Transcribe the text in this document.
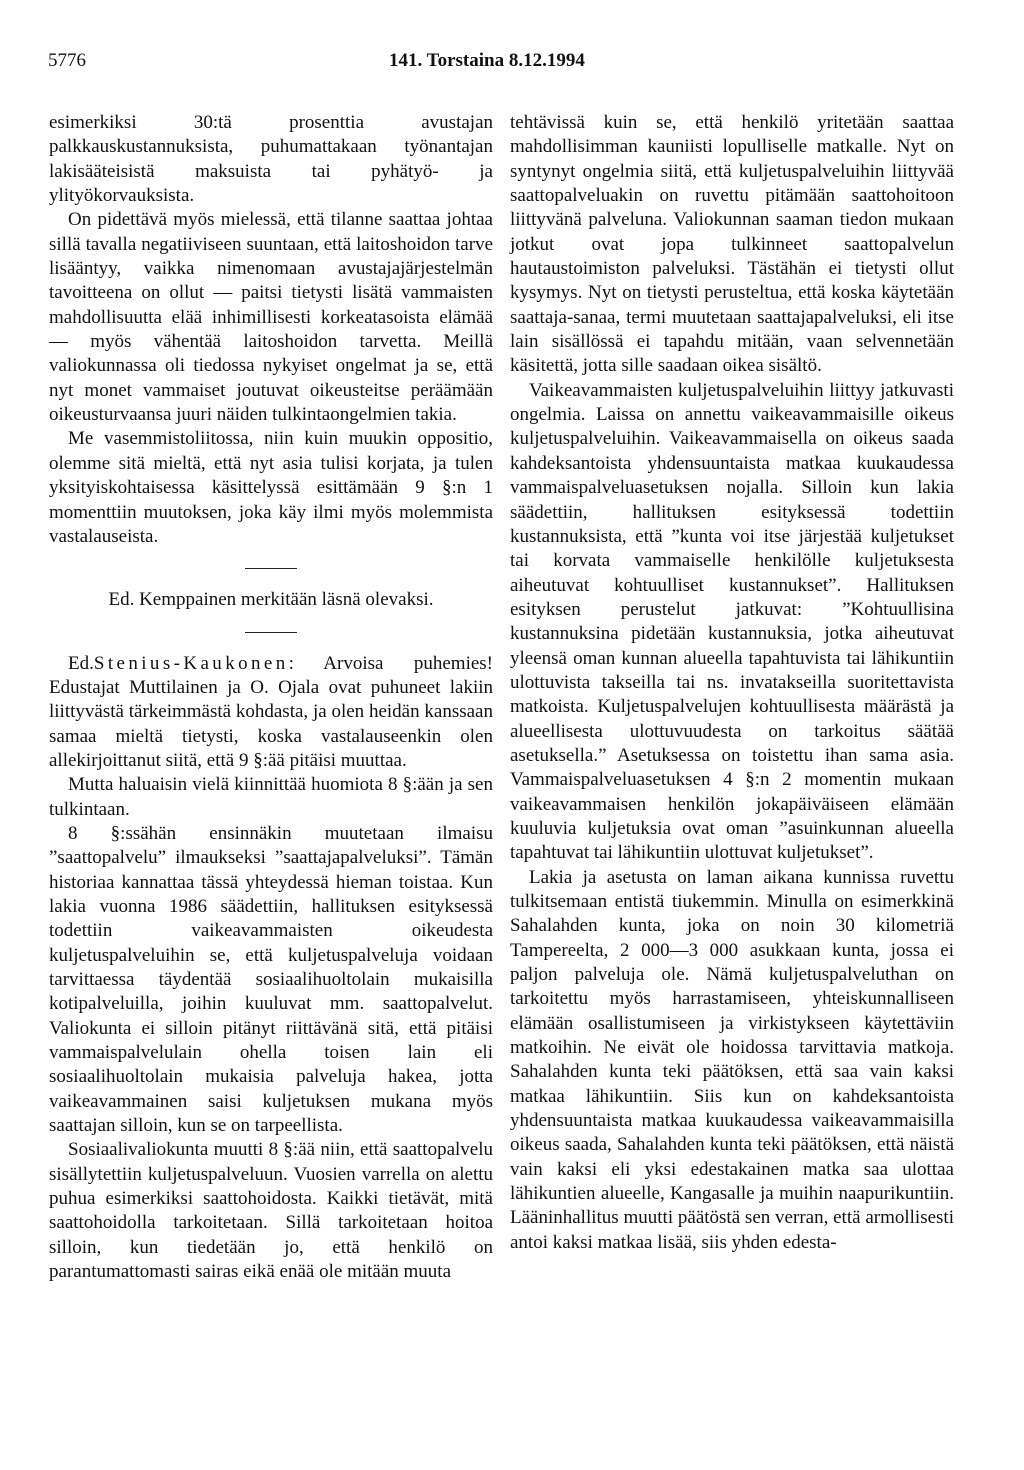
5776	141. Torstaina 8.12.1994

esimerkiksi 30:tä prosenttia avustajan palkkauskustannuksista, puhumattakaan työnantajan lakisääteisistä maksuista tai pyhätyö- ja ylityökorvauksista.

On pidettävä myös mielessä, että tilanne saattaa johtaa sillä tavalla negatiiviseen suuntaan, että laitoshoidon tarve lisääntyy, vaikka nimenomaan avustajajärjestelmän tavoitteena on ollut — paitsi tietysti lisätä vammaisten mahdollisuutta elää inhimillisesti korkeatasoista elämää — myös vähentää laitoshoidon tarvetta. Meillä valiokunnassa oli tiedossa nykyiset ongelmat ja se, että nyt monet vammaiset joutuvat oikeusteitse peräämään oikeusturvaansa juuri näiden tulkintaongelmien takia.

Me vasemmistoliitossa, niin kuin muukin oppositio, olemme sitä mieltä, että nyt asia tulisi korjata, ja tulen yksityiskohtaisessa käsittelyssä esittämään 9 §:n 1 momenttiin muutoksen, joka käy ilmi myös molemmista vastalauseista.

Ed. Kemppainen merkitään läsnä olevaksi.

Ed.Stenius-Kaukonen: Arvoisa puhemies! Edustajat Muttilainen ja O. Ojala ovat puhuneet lakiin liittyvästä tärkeimmästä kohdasta, ja olen heidän kanssaan samaa mieltä tietysti, koska vastalauseenkin olen allekirjoittanut siitä, että 9 §:ää pitäisi muuttaa.

Mutta haluaisin vielä kiinnittää huomiota 8 §:ään ja sen tulkintaan.

8 §:ssähän ensinnäkin muutetaan ilmaisu ”saattopalvelu” ilmaukseksi ”saattajapalveluksi”. Tämän historiaa kannattaa tässä yhteydessä hieman toistaa. Kun lakia vuonna 1986 säädettiin, hallituksen esityksessä todettiin vaikeavammaisten oikeudesta kuljetuspalveluihin se, että kuljetuspalveluja voidaan tarvittaessa täydentää sosiaalihuoltolain mukaisilla kotipalveluilla, joihin kuuluvat mm. saattopalvelut. Valiokunta ei silloin pitänyt riittävänä sitä, että pitäisi vammaispalvelulain ohella toisen lain eli sosiaalihuoltolain mukaisia palveluja hakea, jotta vaikeavammainen saisi kuljetuksen mukana myös saattajan silloin, kun se on tarpeellista.

Sosiaalivaliokunta muutti 8 §:ää niin, että saattopalvelu sisällytettiin kuljetuspalveluun. Vuosien varrella on alettu puhua esimerkiksi saattohoidosta. Kaikki tietävät, mitä saattohoidolla tarkoitetaan. Sillä tarkoitetaan hoitoa silloin, kun tiedetään jo, että henkilö on parantumattomasti sairas eikä enää ole mitään muuta

tehtävissä kuin se, että henkilö yritetään saattaa mahdollisimman kauniisti lopulliselle matkalle. Nyt on syntynyt ongelmia siitä, että kuljetuspalveluihin liittyvää saattopalveluakin on ruvettu pitämään saattohoitoon liittyvänä palveluna. Valiokunnan saaman tiedon mukaan jotkut ovat jopa tulkinneet saattopalvelun hautaustoimiston palveluksi. Tästähän ei tietysti ollut kysymys. Nyt on tietysti perusteltua, että koska käytetään saattaja-sanaa, termi muutetaan saattajapalveluksi, eli itse lain sisällössä ei tapahdu mitään, vaan selvennetään käsitettä, jotta sille saadaan oikea sisältö.

Vaikeavammaisten kuljetuspalveluihin liittyy jatkuvasti ongelmia. Laissa on annettu vaikeavammaisille oikeus kuljetuspalveluihin. Vaikeavammaisella on oikeus saada kahdeksantoista yhdensuuntaista matkaa kuukaudessa vammaispalveluasetuksen nojalla. Silloin kun lakia säädettiin, hallituksen esityksessä todettiin kustannuksista, että ”kunta voi itse järjestää kuljetukset tai korvata vammaiselle henkilölle kuljetuksesta aiheutuvat kohtuulliset kustannukset”. Hallituksen esityksen perustelut jatkuvat: ”Kohtuullisina kustannuksina pidetään kustannuksia, jotka aiheutuvat yleensä oman kunnan alueella tapahtuvista tai lähikuntiin ulottuvista takseilla tai ns. invatakseilla suoritettavista matkoista. Kuljetuspalvelujen kohtuullisesta määrästä ja alueellisesta ulottuvuudesta on tarkoitus säätää asetuksella.” Asetuksessa on toistettu ihan sama asia. Vammaispalveluasetuksen 4 §:n 2 momentin mukaan vaikeavammaisen henkilön jokapäiväiseen elämään kuuluvia kuljetuksia ovat oman ”asuinkunnan alueella tapahtuvat tai lähikuntiin ulottuvat kuljetukset”.

Lakia ja asetusta on laman aikana kunnissa ruvettu tulkitsemaan entistä tiukemmin. Minulla on esimerkkinä Sahalahden kunta, joka on noin 30 kilometriä Tampereelta, 2 000—3 000 asukkaan kunta, jossa ei paljon palveluja ole. Nämä kuljetuspalveluthan on tarkoitettu myös harrastamiseen, yhteiskunnalliseen elämään osallistumiseen ja virkistykseen käytettäviin matkoihin. Ne eivät ole hoidossa tarvittavia matkoja. Sahalahden kunta teki päätöksen, että saa vain kaksi matkaa lähikuntiin. Siis kun on kahdeksantoista yhdensuuntaista matkaa kuukaudessa vaikeavammaisilla oikeus saada, Sahalahden kunta teki päätöksen, että näistä vain kaksi eli yksi edestakainen matka saa ulottaa lähikuntien alueelle, Kangasalle ja muihin naapurikuntiin. Lääninhallitus muutti päätöstä sen verran, että armollisesti antoi kaksi matkaa lisää, siis yhden edesta-
